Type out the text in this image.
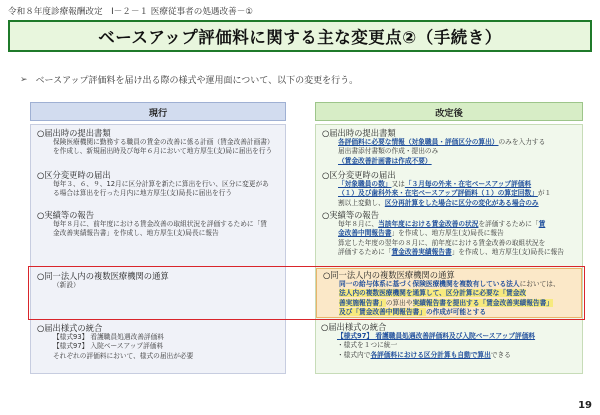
令和８年度診療報酬改定　Ⅰ－２－１ 医療従事者の処遇改善－①
ベースアップ評価料に関する主な変更点②（手続き）
➢ ベースアップ評価料を届け出る際の様式や運用面について、以下の変更を行う。
現行	改定後
○届出時の提出書類
保険医療機関に勤務する職員の賃金の改善に係る計画（賃金改善計画書）
を作成し、新規届出時及び毎年６月において地方厚生(支)局に届出を行う
○区分変更時の届出
毎年３、６、９、12月に区分計算を新たに算出を行い、区分に変更があ
る場合は算出を行った月内に地方厚生(支)局長に届出を行う
○実績等の報告
毎年８月に、前年度における賃金改善の取組状況を評価するために「賃
金改善実績報告書」を作成し、地方厚生(支)局長に報告
○同一法人内の複数医療機関の通算
（新設）
○届出様式の統合
【様式93】 看護職員処遇改善評価料
【様式97】 入院ベースアップ評価料
それぞれの評価料において、様式の届出が必要
○届出時の提出書類
各評価料に必要な情報（対象職員・評価区分の算出）のみを入力する
届出書添付書類の作成・提出のみ
（賃金改善計画書は作成不要）
○区分変更時の届出
「対象職員の数」又は「３月毎の外来・在宅ベースアップ評価料
（１）及び歯科外来・在宅ベースアップ評価料（１）の算定回数」が１
割以上変動し、区分再計算をした場合に区分の変化がある場合のみ
○実績等の報告
毎年８月に、当該年度における賃金改善の状況を評価するために「賃
金改善中間報告書」を作成し、地方厚生(支)局長に報告
算定した年度の翌年の８月に、前年度における賃金改善の取組状況を
評価するために「賃金改善実績報告書」を作成し、地方厚生(支)局長に報告
○同一法人内の複数医療機関の通算
同一の給与体系に基づく保険医療機関を複数有している法人においては、
法人内の複数医療機関を通算して、区分計算に必要な「賃金改
善実施報告書」の算出や実績報告書を提出する「賃金改善実績報告書」
及び「賃金改善中間報告書」の作成が可能とする
○届出様式の統合
【様式97】 看護職員処遇改善評価料及び入院ベースアップ評価料
・様式を１つに統一
・様式内で各評価料における区分計算も自動で算出できる
19
